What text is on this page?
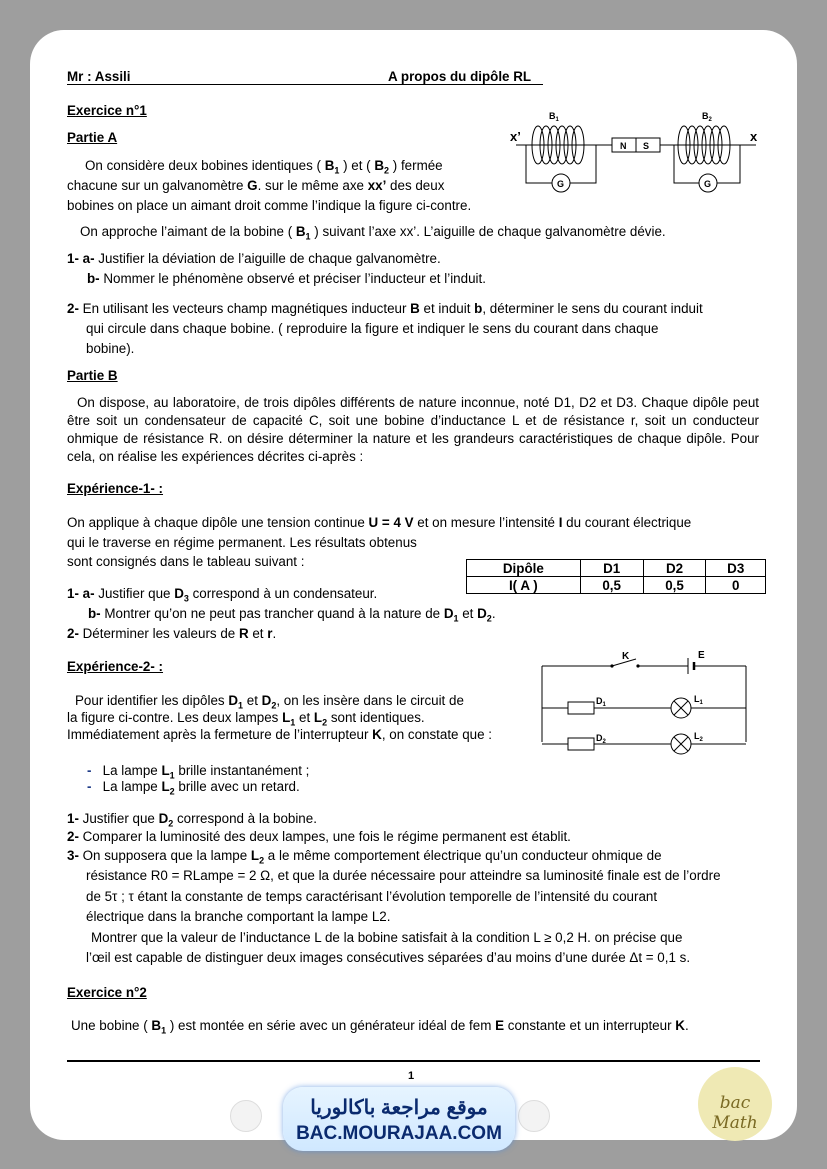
Mr : Assili	A propos du dipôle RL
Exercice n°1
Partie A
On considère deux bobines identiques ( $B_1$ ) et ( $B_2$ ) fermée
chacune sur un galvanomètre G. sur le même axe xx’ des deux
bobines on place un aimant droit comme l’indique la figure ci-contre.
x’	x
G
$B_1$
N S
G
$B_2$
On approche l’aimant de la bobine ( $B_1$ ) suivant l’axe xx’. L’aiguille de chaque galvanomètre dévie.
1- a- Justifier la déviation de l’aiguille de chaque galvanomètre.
b- Nommer le phénomène observé et préciser l’inducteur et l’induit.
2- En utilisant les vecteurs champ magnétiques inducteur B et induit b, déterminer le sens du courant induit
qui circule dans chaque bobine. ( reproduire la figure et indiquer le sens du courant dans chaque
bobine).
Partie B
On dispose, au laboratoire, de trois dipôles différents de nature inconnue, noté D1, D2 et D3. Chaque dipôle peut être soit un condensateur de capacité C, soit une bobine d’inductance L et de résistance r, soit un conducteur ohmique de résistance R. on désire déterminer la nature et les grandeurs caractéristiques de chaque dipôle. Pour cela, on réalise les expériences décrites ci-après :
Expérience-1- :
On applique à chaque dipôle une tension continue U = 4 V et on mesure l’intensité I du courant électrique
qui le traverse en régime permanent. Les résultats obtenus
sont consignés dans le tableau suivant :	Dipôle	D1	D2	D3
I( A )	0,5	0,5	0
1- a- Justifier que $D_3$ correspond à un condensateur.
b- Montrer qu’on ne peut pas trancher quand à la nature de $D_1$ et $D_2$.
2- Déterminer les valeurs de R et r.
Expérience-2- :
K	E
$D_1$
$D_2$
$L_1$
$L_2$
Pour identifier les dipôles $D_1$ et $D_2$, on les insère dans le circuit de
la figure ci-contre. Les deux lampes $L_1$ et $L_2$ sont identiques.
Immédiatement après la fermeture de l’interrupteur K, on constate que :
- La lampe $L_1$ brille instantanément ;
- La lampe $L_2$ brille avec un retard.
1- Justifier que $D_2$ correspond à la bobine.
2- Comparer la luminosité des deux lampes, une fois le régime permanent est établit.
3- On supposera que la lampe $L_2$ a le même comportement électrique qu’un conducteur ohmique de
résistance R0 = RLampe = 2 Ω, et que la durée nécessaire pour atteindre sa luminosité finale est de l’ordre
de 5τ ; τ étant la constante de temps caractérisant l’évolution temporelle de l’intensité du courant
électrique dans la branche comportant la lampe L2.
Montrer que la valeur de l’inductance L de la bobine satisfait à la condition L ≥ 0,2 H. on précise que
l’œil est capable de distinguer deux images consécutives séparées d’au moins d’une durée Δt = 0,1 s.
Exercice n°2
Une bobine ( $B_1$ ) est montée en série avec un générateur idéal de fem E constante et un interrupteur K.
1
موقع مراجعة باكالوريا
BAC.MOURAJAA.COM
bac Math
